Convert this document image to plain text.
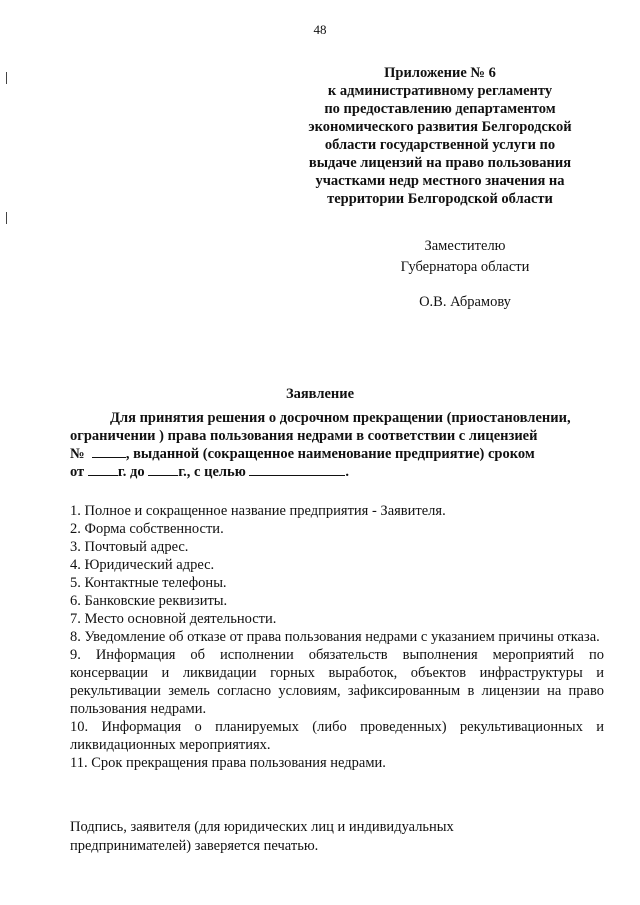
48
Приложение № 6
к административному регламенту
по предоставлению департаментом
экономического развития Белгородской
области государственной услуги по
выдаче лицензий на право пользования
участками недр местного значения на
территории Белгородской области
Заместителю
Губернатора области
О.В. Абрамову
Заявление
Для принятия решения о досрочном прекращении (приостановлении,
ограничении ) права пользования недрами в соответствии с лицензией
№	, выданной (сокращенное наименование предприятие) сроком
от г. до г., с целью	.
1. Полное и сокращенное название предприятия - Заявителя.
2. Форма собственности.
3. Почтовый адрес.
4. Юридический адрес.
5. Контактные телефоны.
6. Банковские реквизиты.
7. Место основной деятельности.
8. Уведомление об отказе от права пользования недрами с указанием причины отказа.
9. Информация об исполнении обязательств выполнения мероприятий по консервации и ликвидации горных выработок, объектов инфраструктуры и рекультивации земель согласно условиям, зафиксированным в лицензии на право пользования недрами.
10. Информация о планируемых (либо проведенных) рекультивационных и ликвидационных мероприятиях.
11. Срок прекращения права пользования недрами.
Подпись, заявителя (для юридических лиц и индивидуальных
предпринимателей) заверяется печатью.
